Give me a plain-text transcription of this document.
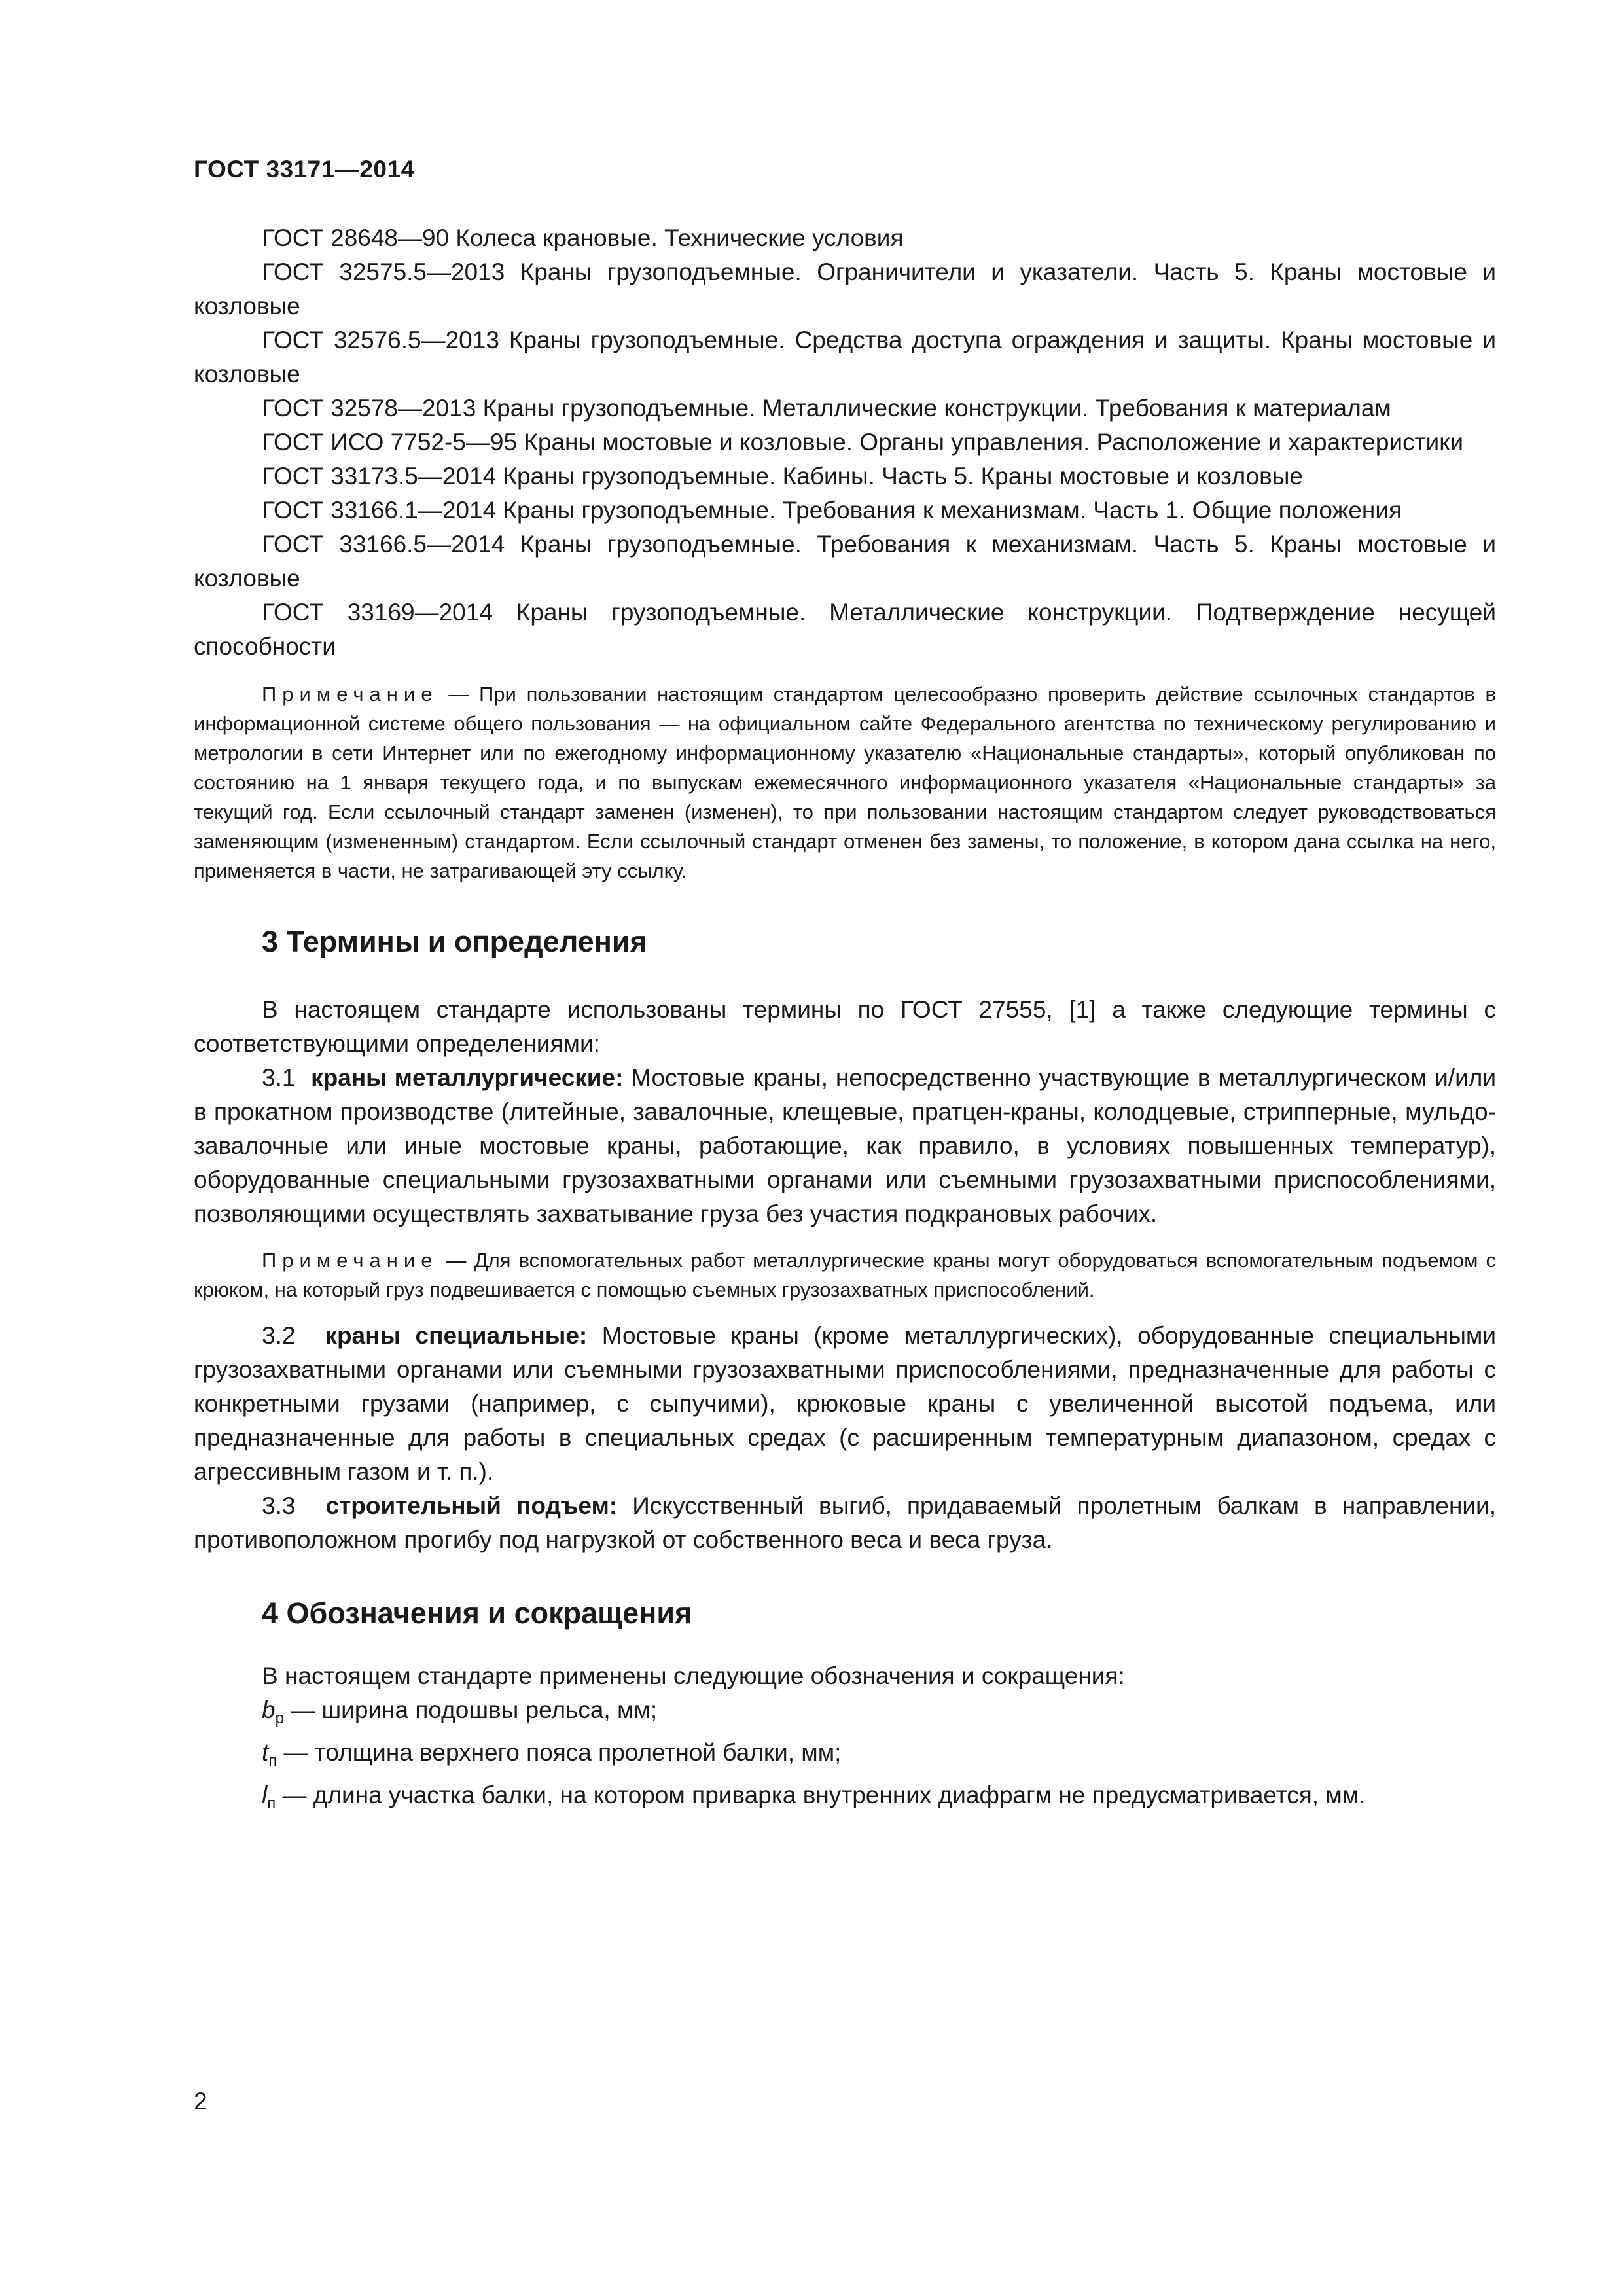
ГОСТ 33171—2014

ГОСТ 28648—90 Колеса крановые. Технические условия

ГОСТ 32575.5—2013 Краны грузоподъемные. Ограничители и указатели. Часть 5. Краны мостовые и козловые

ГОСТ 32576.5—2013 Краны грузоподъемные. Средства доступа ограждения и защиты. Краны мостовые и козловые

ГОСТ 32578—2013 Краны грузоподъемные. Металлические конструкции. Требования к материалам

ГОСТ ИСО 7752-5—95 Краны мостовые и козловые. Органы управления. Расположение и характеристики

ГОСТ 33173.5—2014 Краны грузоподъемные. Кабины. Часть 5. Краны мостовые и козловые

ГОСТ 33166.1—2014 Краны грузоподъемные. Требования к механизмам. Часть 1. Общие положения

ГОСТ 33166.5—2014 Краны грузоподъемные. Требования к механизмам. Часть 5. Краны мостовые и козловые

ГОСТ 33169—2014 Краны грузоподъемные. Металлические конструкции. Подтверждение несущей способности

Примечание — При пользовании настоящим стандартом целесообразно проверить действие ссылочных стандартов в информационной системе общего пользования — на официальном сайте Федерального агентства по техническому регулированию и метрологии в сети Интернет или по ежегодному информационному указателю «Национальные стандарты», который опубликован по состоянию на 1 января текущего года, и по выпускам ежемесячного информационного указателя «Национальные стандарты» за текущий год. Если ссылочный стандарт заменен (изменен), то при пользовании настоящим стандартом следует руководствоваться заменяющим (измененным) стандартом. Если ссылочный стандарт отменен без замены, то положение, в котором дана ссылка на него, применяется в части, не затрагивающей эту ссылку.

3 Термины и определения

В настоящем стандарте использованы термины по ГОСТ 27555, [1] а также следующие термины с соответствующими определениями:

3.1 краны металлургические: Мостовые краны, непосредственно участвующие в металлургическом и/или в прокатном производстве (литейные, завалочные, клещевые, пратцен-краны, колодцевые, стрипперные, мульдо-завалочные или иные мостовые краны, работающие, как правило, в условиях повышенных температур), оборудованные специальными грузозахватными органами или съемными грузозахватными приспособлениями, позволяющими осуществлять захватывание груза без участия подкрановых рабочих.

Примечание — Для вспомогательных работ металлургические краны могут оборудоваться вспомогательным подъемом с крюком, на который груз подвешивается с помощью съемных грузозахватных приспособлений.

3.2 краны специальные: Мостовые краны (кроме металлургических), оборудованные специальными грузозахватными органами или съемными грузозахватными приспособлениями, предназначенные для работы с конкретными грузами (например, с сыпучими), крюковые краны с увеличенной высотой подъема, или предназначенные для работы в специальных средах (с расширенным температурным диапазоном, средах с агрессивным газом и т. п.).

3.3 строительный подъем: Искусственный выгиб, придаваемый пролетным балкам в направлении, противоположном прогибу под нагрузкой от собственного веса и веса груза.

4 Обозначения и сокращения

В настоящем стандарте применены следующие обозначения и сокращения:

$b_р$ — ширина подошвы рельса, мм;

$t_п$ — толщина верхнего пояса пролетной балки, мм;

$l_п$ — длина участка балки, на котором приварка внутренних диафрагм не предусматривается, мм.

2
